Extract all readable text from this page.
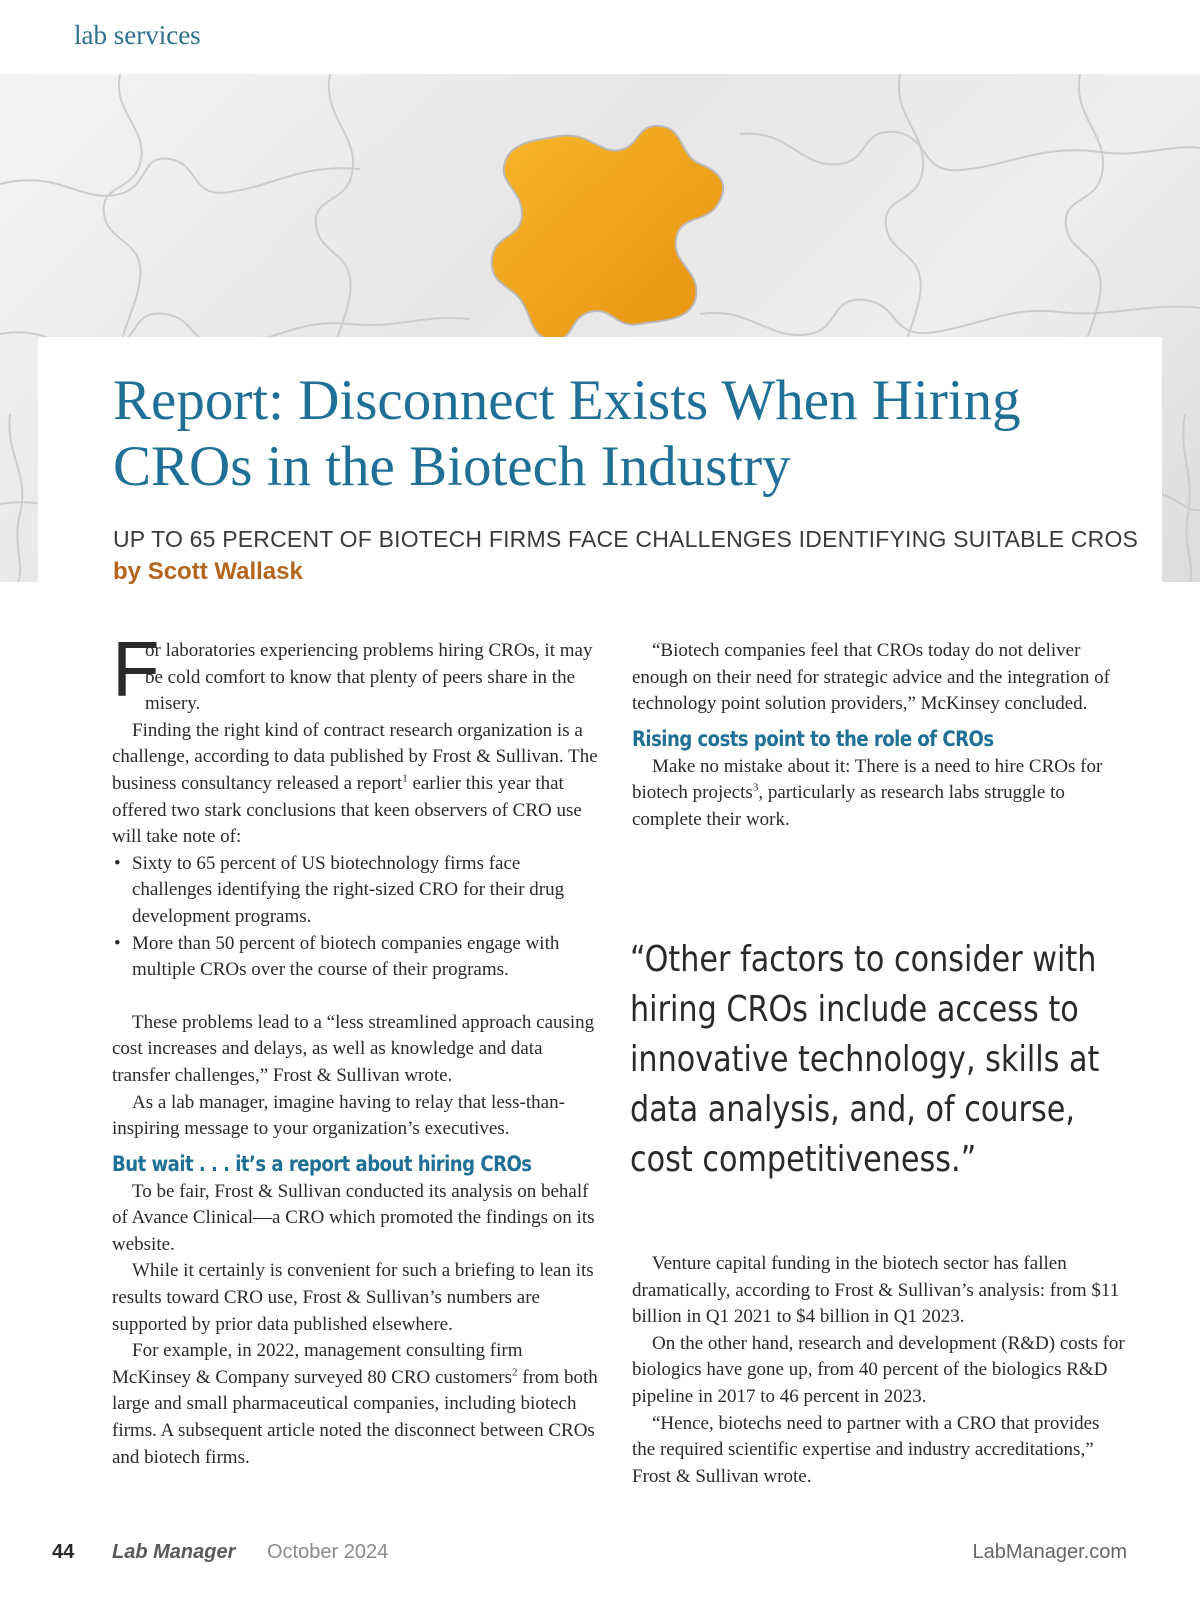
lab services
Report: Disconnect Exists When Hiring
CROs in the Biotech Industry

UP TO 65 PERCENT OF BIOTECH FIRMS FACE CHALLENGES IDENTIFYING SUITABLE CROS

by Scott Wallask

F
or laboratories experiencing problems hiring CROs, it may be cold comfort to know that plenty of peers share in the misery.

Finding the right kind of contract research organization is a challenge, according to data published by Frost & Sullivan. The business consultancy released a report$^1$ earlier this year that offered two stark conclusions that keen observers of CRO use will take note of:

• Sixty to 65 percent of US biotechnology firms face challenges identifying the right-sized CRO for their drug development programs.
• More than 50 percent of biotech companies engage with multiple CROs over the course of their programs.

These problems lead to a “less streamlined approach causing cost increases and delays, as well as knowledge and data transfer challenges,” Frost & Sullivan wrote.

As a lab manager, imagine having to relay that less-than-inspiring message to your organization’s executives.

But wait . . . it’s a report about hiring CROs

To be fair, Frost & Sullivan conducted its analysis on behalf of Avance Clinical—a CRO which promoted the findings on its website.

While it certainly is convenient for such a briefing to lean its results toward CRO use, Frost & Sullivan’s numbers are supported by prior data published elsewhere.

For example, in 2022, management consulting firm McKinsey & Company surveyed 80 CRO customers$^2$ from both large and small pharmaceutical companies, including biotech firms. A subsequent article noted the disconnect between CROs and biotech firms.

“Biotech companies feel that CROs today do not deliver enough on their need for strategic advice and the integration of technology point solution providers,” McKinsey concluded.

Rising costs point to the role of CROs

Make no mistake about it: There is a need to hire CROs for biotech projects$^3$, particularly as research labs struggle to complete their work.

“Other factors to consider with hiring CROs include access to innovative technology, skills at data analysis, and, of course, cost competitiveness.”

Venture capital funding in the biotech sector has fallen dramatically, according to Frost & Sullivan’s analysis: from $11 billion in Q1 2021 to $4 billion in Q1 2023.

On the other hand, research and development (R&D) costs for biologics have gone up, from 40 percent of the biologics R&D pipeline in 2017 to 46 percent in 2023.

“Hence, biotechs need to partner with a CRO that provides the required scientific expertise and industry accreditations,” Frost & Sullivan wrote.

44 Lab Manager October 2024	LabManager.com
